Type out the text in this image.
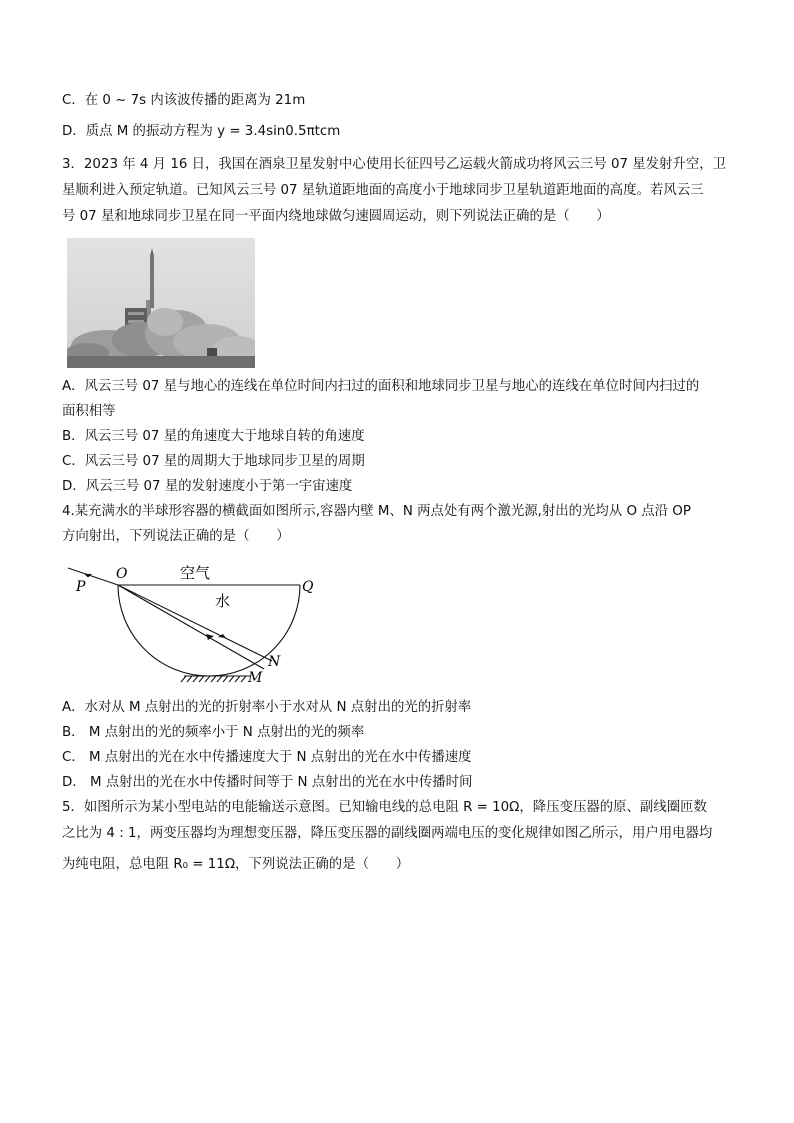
C．在 0 ~ 7s 内该波传播的距离为 21m
D．质点 M 的振动方程为 y = 3.4sin0.5πtcm
3．2023 年 4 月 16 日，我国在酒泉卫星发射中心使用长征四号乙运载火箭成功将风云三号 07 星发射升空，卫
星顺利进入预定轨道。已知风云三号 07 星轨道距地面的高度小于地球同步卫星轨道距地面的高度。若风云三
号 07 星和地球同步卫星在同一平面内绕地球做匀速圆周运动，则下列说法正确的是（　　）
A．风云三号 07 星与地心的连线在单位时间内扫过的面积和地球同步卫星与地心的连线在单位时间内扫过的
面积相等
B．风云三号 07 星的角速度大于地球自转的角速度
C．风云三号 07 星的周期大于地球同步卫星的周期
D．风云三号 07 星的发射速度小于第一宇宙速度
4.某充满水的半球形容器的横截面如图所示,容器内壁 M、N 两点处有两个激光源,射出的光均从 O 点沿 OP
方向射出，下列说法正确的是（　　）
空气
水
O
P	Q
N
M
A．水对从 M 点射出的光的折射率小于水对从 N 点射出的光的折射率
B． M 点射出的光的频率小于 N 点射出的光的频率
C． M 点射出的光在水中传播速度大于 N 点射出的光在水中传播速度
D． M 点射出的光在水中传播时间等于 N 点射出的光在水中传播时间
5．如图所示为某小型电站的电能输送示意图。已知输电线的总电阻 R = 10Ω，降压变压器的原、副线圈匝数
之比为 4 : 1，两变压器均为理想变压器，降压变压器的副线圈两端电压的变化规律如图乙所示，用户用电器均
为纯电阻，总电阻 R₀ = 11Ω，下列说法正确的是（　　）
